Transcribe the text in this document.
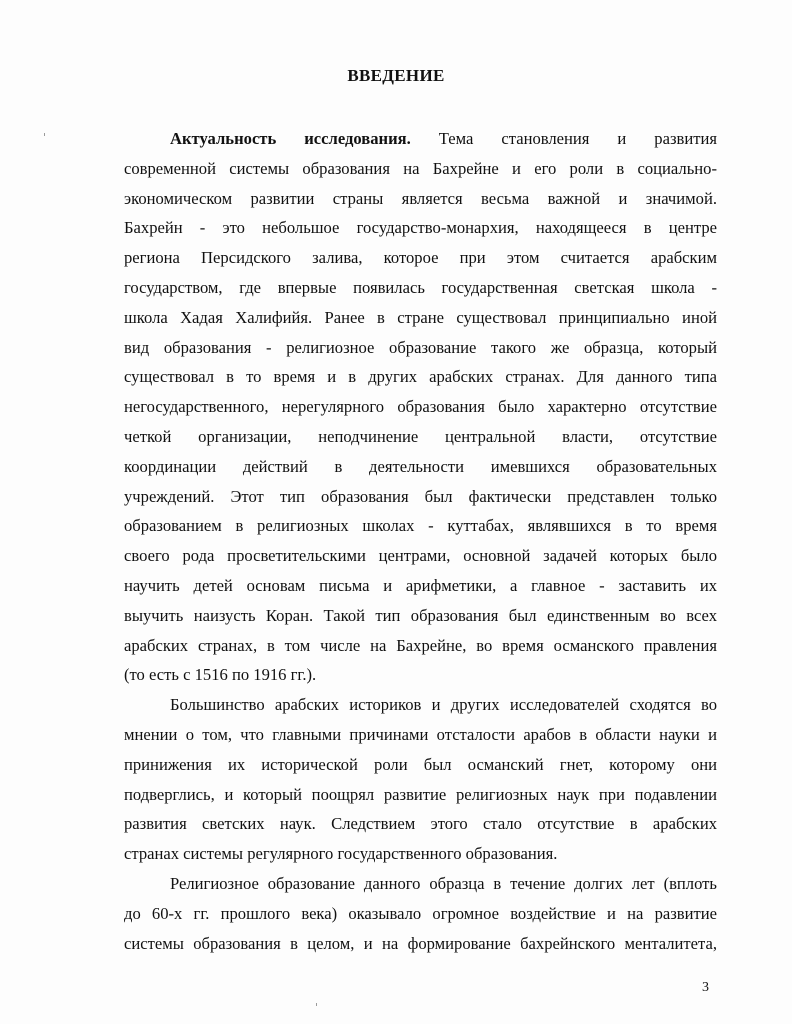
ВВЕДЕНИЕ

Актуальность исследования. Тема становления и развития

современной системы образования на Бахрейне и его роли в социально-

экономическом развитии страны является весьма важной и значимой.

Бахрейн - это небольшое государство-монархия, находящееся в центре

региона Персидского залива, которое при этом считается арабским

государством, где впервые появилась государственная светская школа -

школа Хадая Халифийя. Ранее в стране существовал принципиально иной

вид образования - религиозное образование такого же образца, который

существовал в то время и в других арабских странах. Для данного типа

негосударственного, нерегулярного образования было характерно отсутствие

четкой организации, неподчинение центральной власти, отсутствие

координации действий в деятельности имевшихся образовательных

учреждений. Этот тип образования был фактически представлен только

образованием в религиозных школах - куттабах, являвшихся в то время

своего рода просветительскими центрами, основной задачей которых было

научить детей основам письма и арифметики, а главное - заставить их

выучить наизусть Коран. Такой тип образования был единственным во всех

арабских странах, в том числе на Бахрейне, во время османского правления

(то есть с 1516 по 1916 гг.).

Большинство арабских историков и других исследователей сходятся во

мнении о том, что главными причинами отсталости арабов в области науки и

принижения их исторической роли был османский гнет, которому они

подверглись, и который поощрял развитие религиозных наук при подавлении

развития светских наук. Следствием этого стало отсутствие в арабских

странах системы регулярного государственного образования.

Религиозное образование данного образца в течение долгих лет (вплоть

до 60-х гг. прошлого века) оказывало огромное воздействие и на развитие

системы образования в целом, и на формирование бахрейнского менталитета,

3
